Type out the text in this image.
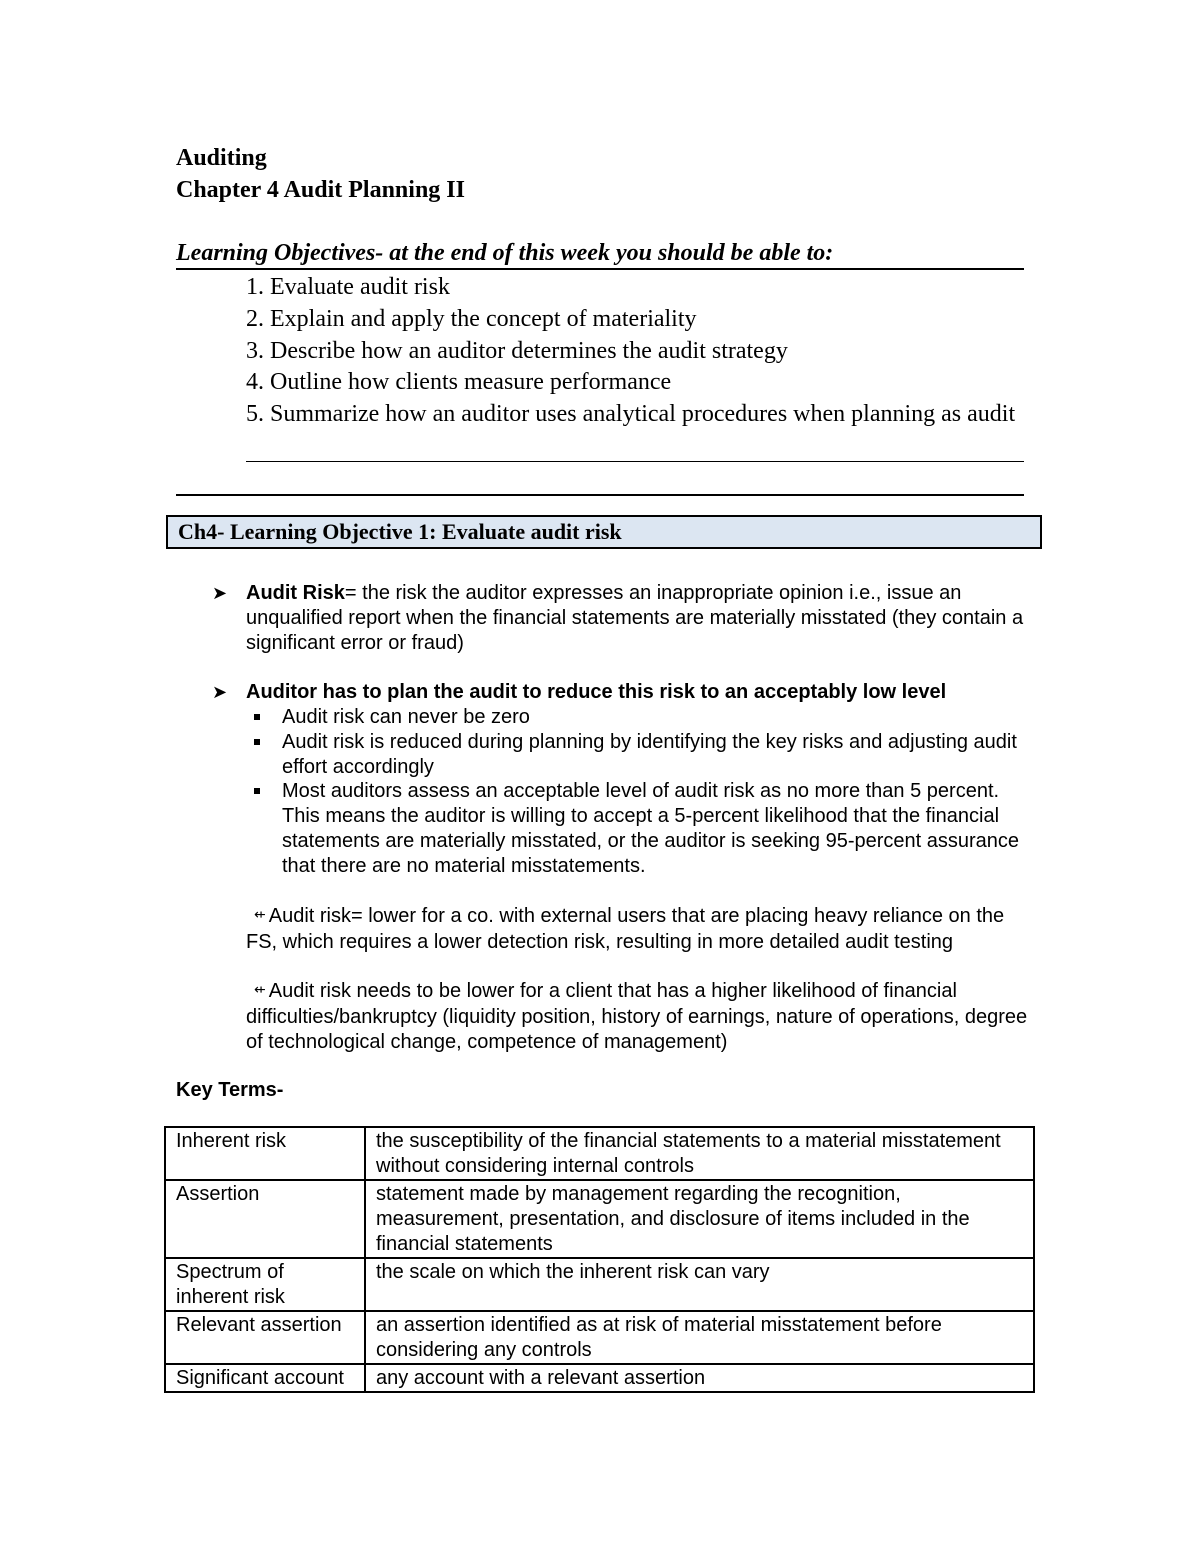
Auditing
Chapter 4 Audit Planning II
Learning Objectives- at the end of this week you should be able to:
1. Evaluate audit risk
2. Explain and apply the concept of materiality
3. Describe how an auditor determines the audit strategy
4. Outline how clients measure performance
5. Summarize how an auditor uses analytical procedures when planning as audit
Ch4- Learning Objective 1: Evaluate audit risk
➤ Audit Risk= the risk the auditor expresses an inappropriate opinion i.e., issue an unqualified report when the financial statements are materially misstated (they contain a significant error or fraud)

➤ Auditor has to plan the audit to reduce this risk to an acceptably low level

Audit risk can never be zero
Audit risk is reduced during planning by identifying the key risks and adjusting audit effort accordingly
Most auditors assess an acceptable level of audit risk as no more than 5 percent. This means the auditor is willing to accept a 5-percent likelihood that the financial statements are materially misstated, or the auditor is seeking 95-percent assurance that there are no material misstatements.

⇷ Audit risk= lower for a co. with external users that are placing heavy reliance on the FS, which requires a lower detection risk, resulting in more detailed audit testing

⇷ Audit risk needs to be lower for a client that has a higher likelihood of financial difficulties/bankruptcy (liquidity position, history of earnings, nature of operations, degree of technological change, competence of management)

Key Terms-
Inherent risk	the susceptibility of the financial statements to a material misstatement without considering internal controls
Assertion	statement made by management regarding the recognition, measurement, presentation, and disclosure of items included in the financial statements
Spectrum of inherent risk	the scale on which the inherent risk can vary
Relevant assertion	an assertion identified as at risk of material misstatement before considering any controls
Significant account	any account with a relevant assertion
